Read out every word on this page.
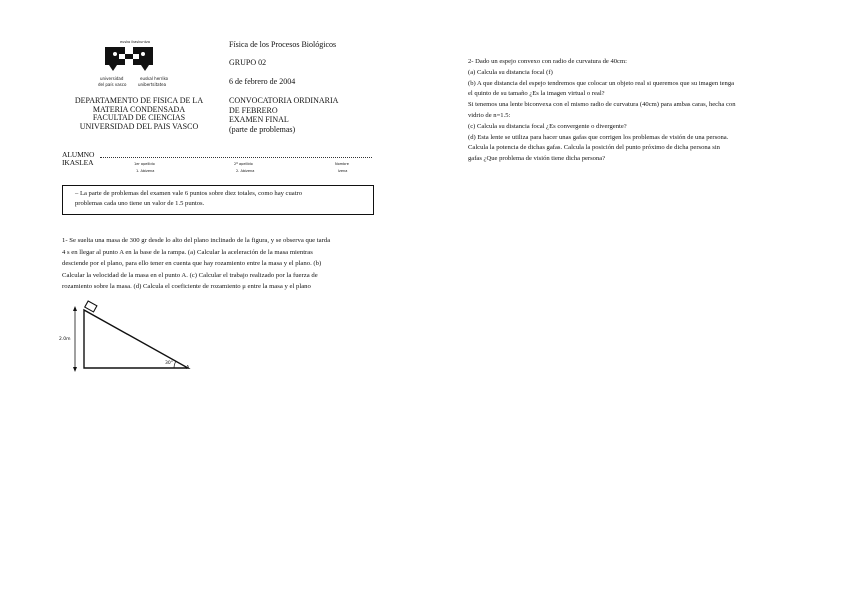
eusko ikaskuntza
universidad
del país vasco
euskal herriko
unibertsitatea
DEPARTAMENTO DE FISICA DE LA
MATERIA CONDENSADA
FACULTAD DE CIENCIAS
UNIVERSIDAD DEL PAIS VASCO
Física de los Procesos Biológicos
GRUPO 02
6 de febrero de 2004
CONVOCATORIA ORDINARIA
DE FEBRERO
EXAMEN FINAL
(parte de problemas)
ALUMNO
IKASLEA	1er apellido
1. Abizena
2º apellido
2. Abizena
Nombre
Izena
– La parte de problemas del examen vale 6 puntos sobre diez totales, como hay cuatro
problemas cada uno tiene un valor de 1.5 puntos.
1- Se suelta una masa de 300 gr desde lo alto del plano inclinado de la figura, y se observa que tarda
4 s en llegar al punto A en la base de la rampa. (a) Calcular la aceleración de la masa mientras
desciende por el plano, para ello tener en cuenta que hay rozamiento entre la masa y el plano. (b)
Calcular la velocidad de la masa en el punto A. (c) Calcular el trabajo realizado por la fuerza de
rozamiento sobre la masa. (d) Calcula el coeficiente de rozamiento μ entre la masa y el plano
2.0m
30°
A
2- Dado un espejo convexo con radio de curvatura de 40cm:
(a) Calcula su distancia focal (f)
(b) A que distancia del espejo tendremos que colocar un objeto real si queremos que su imagen tenga
el quinto de su tamaño ¿Es la imagen virtual o real?
Si tenemos una lente biconvexa con el mismo radio de curvatura (40cm) para ambas caras, hecha con
vidrio de n=1.5:
(c) Calcula su distancia focal ¿Es convergente o divergente?
(d) Esta lente se utiliza para hacer unas gafas que corrigen los problemas de visión de una persona.
Calcula la potencia de dichas gafas. Calcula la posición del punto próximo de dicha persona sin
gafas ¿Que problema de visión tiene dicha persona?
